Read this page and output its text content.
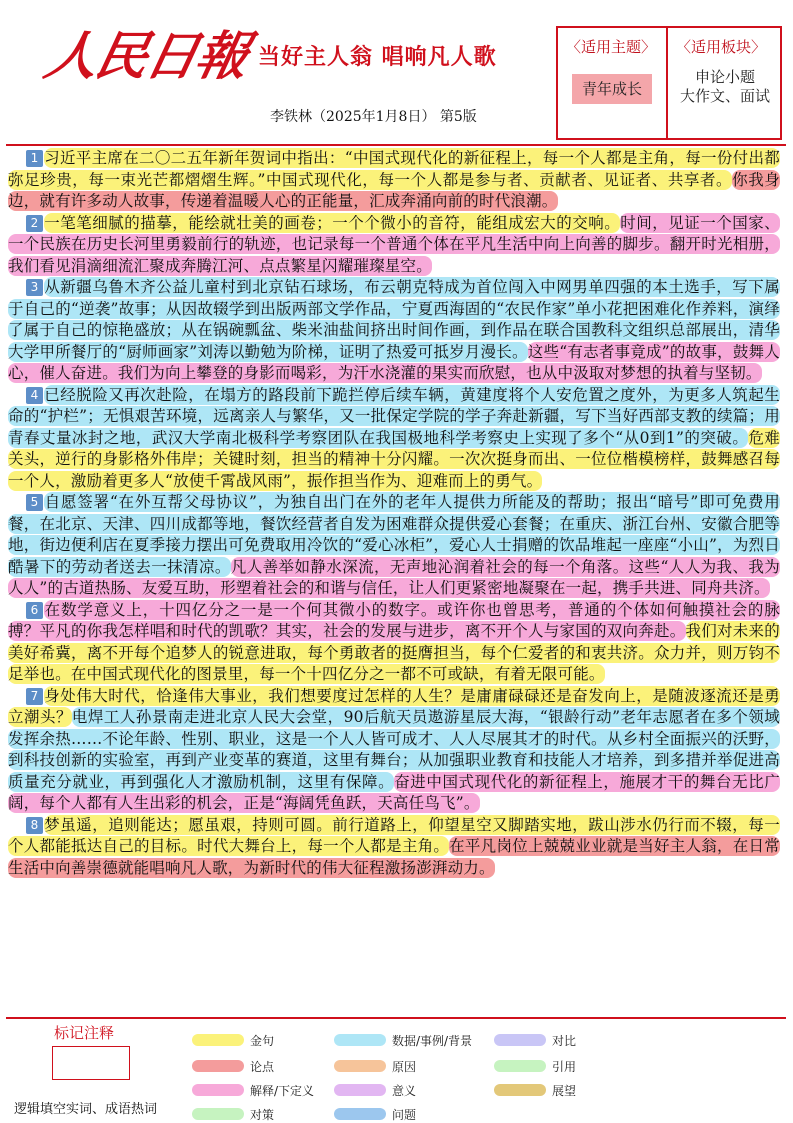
人民日報 当好主人翁 唱响凡人歌
李铁林（2025年1月8日） 第5版
〈适用主题〉
青年成长
〈适用板块〉
申论小题
大作文、面试

1 习近平主席在二〇二五年新年贺词中指出：“中国式现代化的新征程上，每一个人都是主角，每一份付出都弥足珍贵，每一束光芒都熠熠生辉。”中国式现代化，每一个人都是参与者、贡献者、见证者、共享者。你我身边，就有许多动人故事，传递着温暖人心的正能量，汇成奔涌向前的时代浪潮。

2 一笔笔细腻的描摹，能绘就壮美的画卷；一个个微小的音符，能组成宏大的交响。时间，见证一个国家、一个民族在历史长河里勇毅前行的轨迹，也记录每一个普通个体在平凡生活中向上向善的脚步。翻开时光相册，我们看见涓滴细流汇聚成奔腾江河、点点繁星闪耀璀璨星空。

3 从新疆乌鲁木齐公益儿童村到北京钻石球场，布云朝克特成为首位闯入中网男单四强的本土选手，写下属于自己的“逆袭”故事；从因故辍学到出版两部文学作品，宁夏西海固的“农民作家”单小花把困难化作养料，演绎了属于自己的惊艳盛放；从在锅碗瓢盆、柴米油盐间挤出时间作画，到作品在联合国教科文组织总部展出，清华大学甲所餐厅的“厨师画家”刘涛以勤勉为阶梯，证明了热爱可抵岁月漫长。这些“有志者事竟成”的故事，鼓舞人心，催人奋进。我们为向上攀登的身影而喝彩，为汗水浇灌的果实而欣慰，也从中汲取对梦想的执着与坚韧。

4 已经脱险又再次赴险，在塌方的路段前下跪拦停后续车辆，黄建度将个人安危置之度外，为更多人筑起生命的“护栏”；无惧艰苦环境，远离亲人与繁华，又一批保定学院的学子奔赴新疆，写下当好西部支教的续篇；用青春丈量冰封之地，武汉大学南北极科学考察团队在我国极地科学考察史上实现了多个“从0到1”的突破。危难关头，逆行的身影格外伟岸；关键时刻，担当的精神十分闪耀。一次次挺身而出、一位位楷模榜样，鼓舞感召每一个人，激励着更多人“放使千霄战风雨”，振作担当作为、迎难而上的勇气。

5 自愿签署“在外互帮父母协议”，为独自出门在外的老年人提供力所能及的帮助；报出“暗号”即可免费用餐，在北京、天津、四川成都等地，餐饮经营者自发为困难群众提供爱心套餐；在重庆、浙江台州、安徽合肥等地，街边便利店在夏季接力摆出可免费取用冷饮的“爱心冰柜”，爱心人士捐赠的饮品堆起一座座“小山”，为烈日酷暑下的劳动者送去一抹清凉。凡人善举如静水深流，无声地沁润着社会的每一个角落。这些“人人为我、我为人人”的古道热肠、友爱互助，形塑着社会的和谐与信任，让人们更紧密地凝聚在一起，携手共进、同舟共济。

6 在数学意义上，十四亿分之一是一个何其微小的数字。或许你也曾思考，普通的个体如何触摸社会的脉搏？平凡的你我怎样唱和时代的凯歌？其实，社会的发展与进步，离不开个人与家国的双向奔赴。我们对未来的美好希冀，离不开每个追梦人的锐意进取，每个勇敢者的挺膺担当，每个仁爱者的和衷共济。众力并，则万钧不足举也。在中国式现代化的图景里，每一个十四亿分之一都不可或缺，有着无限可能。

7 身处伟大时代，恰逢伟大事业，我们想要度过怎样的人生？是庸庸碌碌还是奋发向上，是随波逐流还是勇立潮头？电焊工人孙景南走进北京人民大会堂，90后航天员遨游星辰大海，“银龄行动”老年志愿者在多个领域发挥余热……不论年龄、性别、职业，这是一个人人皆可成才、人人尽展其才的时代。从乡村全面振兴的沃野，到科技创新的实验室，再到产业变革的赛道，这里有舞台；从加强职业教育和技能人才培养，到多措并举促进高质量充分就业，再到强化人才激励机制，这里有保障。奋进中国式现代化的新征程上，施展才干的舞台无比广阔，每个人都有人生出彩的机会，正是“海阔凭鱼跃，天高任鸟飞”。

8 梦虽遥，追则能达；愿虽艰，持则可圆。前行道路上，仰望星空又脚踏实地，跋山涉水仍行而不辍，每一个人都能抵达自己的目标。时代大舞台上，每一个人都是主角。在平凡岗位上兢兢业业就是当好主人翁，在日常生活中向善崇德就能唱响凡人歌，为新时代的伟大征程激扬澎湃动力。

标记注释
逻辑填空实词、成语热词
金句
论点
解释/下定义
对策
数据/事例/背景
原因
意义
问题
对比
引用
展望
